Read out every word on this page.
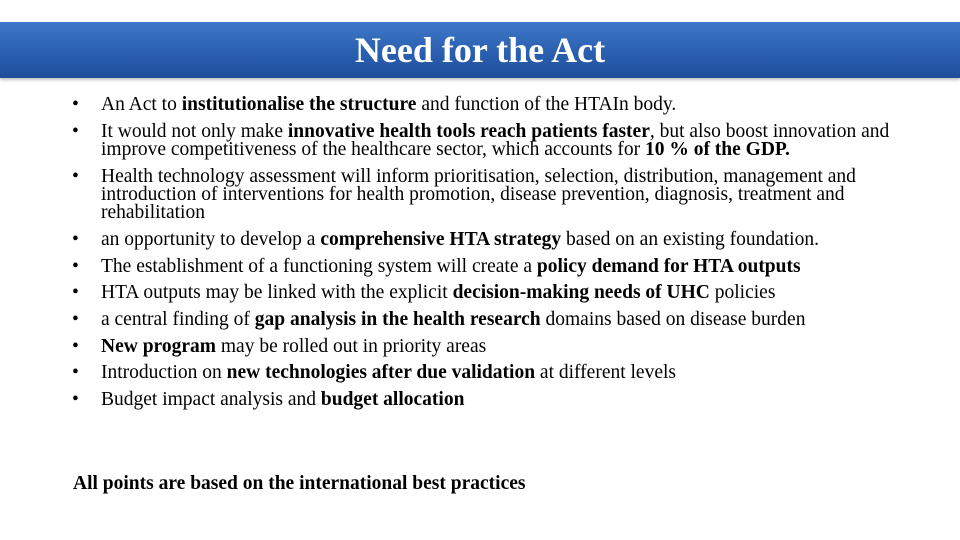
Need for the Act
• An Act to institutionalise the structure and function of the HTAIn body.
• It would not only make innovative health tools reach patients faster, but also boost innovation and improve competitiveness of the healthcare sector, which accounts for 10 % of the GDP.
• Health technology assessment will inform prioritisation, selection, distribution, management and introduction of interventions for health promotion, disease prevention, diagnosis, treatment and rehabilitation
• an opportunity to develop a comprehensive HTA strategy based on an existing foundation.
• The establishment of a functioning system will create a policy demand for HTA outputs
• HTA outputs may be linked with the explicit decision-making needs of UHC policies
• a central finding of gap analysis in the health research domains based on disease burden
• New program may be rolled out in priority areas
• Introduction on new technologies after due validation at different levels
• Budget impact analysis and budget allocation
All points are based on the international best practices
